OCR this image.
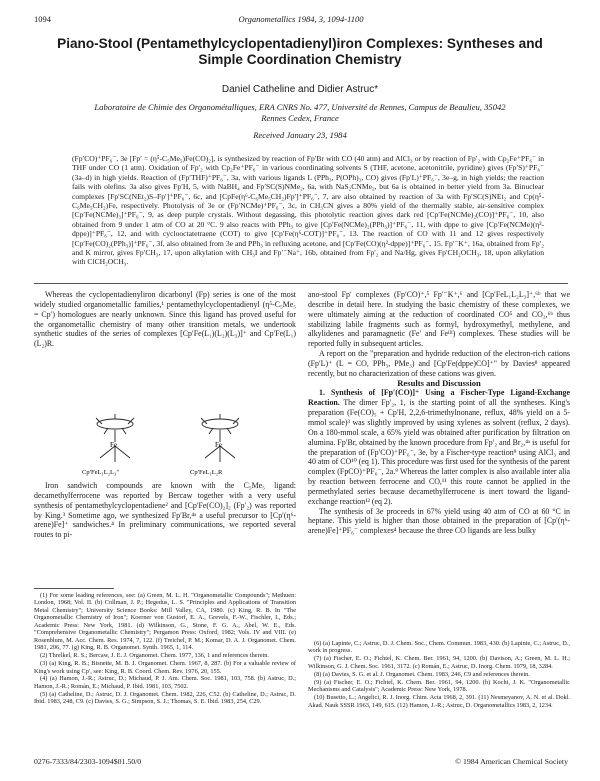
1094	Organometallics 1984, 3, 1094-1100
Piano-Stool (Pentamethylcyclopentadienyl)iron Complexes: Syntheses and Simple Coordination Chemistry
Daniel Catheline and Didier Astruc*
Laboratoire de Chimie des Organométalliques, ERA CNRS No. 477, Université de Rennes, Campus de Beaulieu, 35042 Rennes Cedex, France
Received January 23, 1984

(Fp′CO)⁺PF₆⁻, 3e [Fp′ = (η⁵-C₅Me₅)Fe(CO)₂], is synthesized by reaction of Fp′Br with CO (40 atm) and AlCl₃ or by reaction of Fp′₂ with Cp₂Fe⁺PF₆⁻ in THF under CO (1 atm). Oxidation of Fp′₂ with Cp₂Fe⁺PF₆⁻ in various coordinating solvents S (THF, acetone, acetonitrile, pyridine) gives (Fp′S)⁺PF₆⁻ (3a–d) in high yields. Reaction of (Fp′THF)⁺PF₆⁻, 3a, with various ligands L (PPh₃, P(OPh)₃, CO) gives (Fp′L)⁺PF₆⁻, 3e–g, in high yields; the reaction fails with olefins. 3a also gives Fp′H, 5, with NaBH₄ and Fp′SC(S)NMe₂, 6a, with NaS₂CNMe₂, but 6a is obtained in better yield from 3a. Binuclear complexes [Fp′SC(NEt₂)S–Fp′]⁺PF₆⁻, 6c, and [CpFe(η⁶-C₆Me₅CH₂)Fp′]⁺PF₆⁻, 7, are also obtained by reaction of 3a with Fp′SC(S)NEt₂ and Cp(η⁵-C₆Me₅CH₂)Fe, respectively. Photolysis of 3e or (Fp′NCMe)⁺PF₆⁻, 3c, in CH₃CN gives a 80% yield of the thermally stable, air-sensitive complex [Cp′Fe(NCMe)₃]⁺PF₆⁻, 9, as deep purple crystals. Without degassing, this photolytic reaction gives dark red [Cp′Fe(NCMe)₂(CO)]⁺PF₆⁻, 10, also obtained from 9 under 1 atm of CO at 20 °C. 9 also reacts with PPh₃ to give [Cp′Fe(NCMe)₂(PPh₃)]⁺PF₆⁻, 11, with dppe to give [Cp′Fe(NCMe)(η²-dppe)]⁺PF₆⁻, 12, and with cyclooctatetraene (COT) to give [Cp′Fe(η⁶-COT)]⁺PF₆⁻, 13. The reaction of CO with 11 and 12 gives respectively [Cp′Fe(CO)₂(PPh₃)]⁺PF₆⁻, 3f, also obtained from 3e and PPh₃ in refluxing acetone, and [Cp′Fe(CO)(η²-dppe)]⁺PF₆⁻, 15. Fp′⁻K⁺, 16a, obtained from Fp′₂ and K mirror, gives Fp′CH₃, 17, upon alkylation with CH₃I and Fp′⁻Na⁺, 16b, obtained from Fp′₂ and Na/Hg, gives Fp′CH₂OCH₃, 18, upon alkylation with ClCH₂OCH₃.

Whereas the cyclopentadienyliron dicarbonyl (Fp) series is one of the most widely studied organometallic families,¹ pentamethylcyclopentadienyl (η⁵-C₅Me₅ = Cp′) homologues are nearly unknown. Since this ligand has proved useful for the organometallic chemistry of many other transition metals, we undertook synthetic studies of the series of complexes [Cp′Fe(L₁)(L₂)(L₃)]⁺ and Cp′Fe(L₁)(L₂)R.

Fe
Cp′FeL₁L₂L₃⁺
Fe
Cp′FeL₁L₂R

Iron sandwich compounds are known with the C₅Me₅ ligand: decamethylferrocene was reported by Bercaw together with a very useful synthesis of pentamethylcyclopentadiene² and [Cp′Fe(CO)₂]₂ (Fp′₂) was reported by King.³ Sometime ago, we synthesized Fp′Br,⁴ᵃ a useful precursor to [Cp′(η⁶-arene)Fe]⁺ sandwiches.⁴ In preliminary communications, we reported several routes to pi-

(1) For some leading references, see: (a) Green, M. L. H. "Organometallic Compounds"; Methuen: London, 1968; Vol. II. (b) Collman, J. P.; Hegedus, L. S. "Principles and Applications of Transition Metal Chemistry"; University Science Books: Mill Valley, CA, 1980. (c) King, R. B. In "The Organometallic Chemistry of Iron"; Koerner von Gustorf, E. A., Grevels, F.-W., Fischler, I., Eds.; Academic Press: New York, 1981. (d) Wilkinson, G., Stone, F. G. A., Abel, W. E., Eds. "Comprehensive Organometallic Chemistry"; Pergamon Press: Oxford, 1982; Vols. IV and VIII. (e) Rosenblum, M. Acc. Chem. Res. 1974, 7, 122. (f) Treichel, P. M.; Komar, D. A. J. Organomet. Chem. 1981, 206, 77. (g) King, R. B. Organomet. Synth. 1965, 1, 114.

(2) Threlkel, R. S.; Bercaw, J. E. J. Organomet. Chem. 1977, 136, 1 and references therein.

(3) (a) King, R. B.; Bisnette, M. B. J. Organomet. Chem. 1967, 8, 287. (b) For a valuable review of King's work using Cp′, see: King, R. B. Coord. Chem. Rev. 1976, 20, 155.

(4) (a) Hamon, J.-R.; Astruc, D.; Michaud, P. J. Am. Chem. Soc. 1981, 103, 758. (b) Astruc, D.; Hamon, J.-R.; Román, E.; Michaud, P. Ibid. 1981, 103, 7502.

(5) (a) Catheline, D.; Astruc, D. J. Organomet. Chem. 1982, 226, C52. (b) Catheline, D.; Astruc, D. Ibid. 1983, 248, C9. (c) Davies, S. G.; Simpson, S. J.; Thomas, S. E. Ibid. 1983, 254, C29.

ano-stool Fp′ complexes (Fp′CO)⁺,⁵ Fp′⁻K⁺,⁶ and [Cp′FeL₁L₂L₃]⁺,⁶ᵇ that we describe in detail here. In studying the basic chemistry of these complexes, we were ultimately aiming at the reduction of coordinated CO⁵ and CO₂,⁶ᵇ thus stabilizing labile fragments such as formyl, hydroxymethyl, methylene, and alkylidenes and paramagnetic (Fe′ and Feᴵᴵᴵ) complexes. These studies will be reported fully in subsequent articles.

A report on the "preparation and hydride reduction of the electron-rich cations (Fp′L)⁺ (L = CO, PPh₃, PMe₃) and [Cp′Fe(dppe)CO]⁺" by Davies⁸ appeared recently, but no characterization of these cations was given.

Results and Discussion

1. Synthesis of [Fp′(CO)]⁺ Using a Fischer-Type Ligand-Exchange Reaction. The dimer Fp′₂, 1, is the starting point of all the syntheses. King's preparation (Fe(CO)₅ + Cp′H, 2,2,6-trimethylnonane, reflux, 48% yield on a 5-mmol scale)³ was slightly improved by using xylenes as solvent (reflux, 2 days). On a 180-mmol scale, a 65% yield was obtained after purification by filtration on alumina. Fp′Br, obtained by the known procedure from Fp′₂ and Br₂,⁴ᵃ is useful for the preparation of (Fp′CO)⁺PF₆⁻, 3e, by a Fischer-type reaction⁹ using AlCl₃ and 40 atm of CO¹⁰ (eq 1). This procedure was first used for the synthesis of the parent complex (FpCO)⁺PF₆⁻, 2a.⁹ Whereas the latter complex is also available inter alia by reaction between ferrocene and CO,¹¹ this route cannot be applied in the permethylated series because decamethylferrocene is inert toward the ligand-exchange reaction¹² (eq 2).

The synthesis of 3e proceeds in 67% yield using 40 atm of CO at 60 °C in heptane. This yield is higher than those obtained in the preparation of [Cp′(η⁶-arene)Fe]⁺PF₆⁻ complexes⁴ because the three CO ligands are less bulky

(6) (a) Lapinte, C.; Astruc, D. J. Chem. Soc., Chem. Commun. 1983, 430. (b) Lapinte, C.; Astruc, D., work in progress.

(7) (a) Fischer, E. O.; Fichtel, K. Chem. Ber. 1961, 94, 1200. (b) Davison, A.; Green, M. L. H.; Wilkinson, G. J. Chem. Soc. 1961, 3172. (c) Román, E.; Astruc, D. Inorg. Chem. 1979, 18, 3284.

(8) (a) Davies, S. G. et al. J. Organomet. Chem. 1983, 246, C9 and references therein.

(9) (a) Fischer, E. O.; Fichtel, K. Chem. Ber. 1961, 94, 1200. (b) Kochi, J. K. "Organometallic Mechanisms and Catalysis"; Academic Press: New York, 1978.

(10) Busetto, L.; Angelici, R. J. Inorg. Chim. Acta 1968, 2, 391. (11) Nesmeyanov, A. N. et al. Dokl. Akad. Nauk SSSR 1963, 149, 615. (12) Hamon, J.-R.; Astruc, D. Organometallics 1983, 2, 1234.

0276-7333/84/2303-1094$01.50/0	© 1984 American Chemical Society
